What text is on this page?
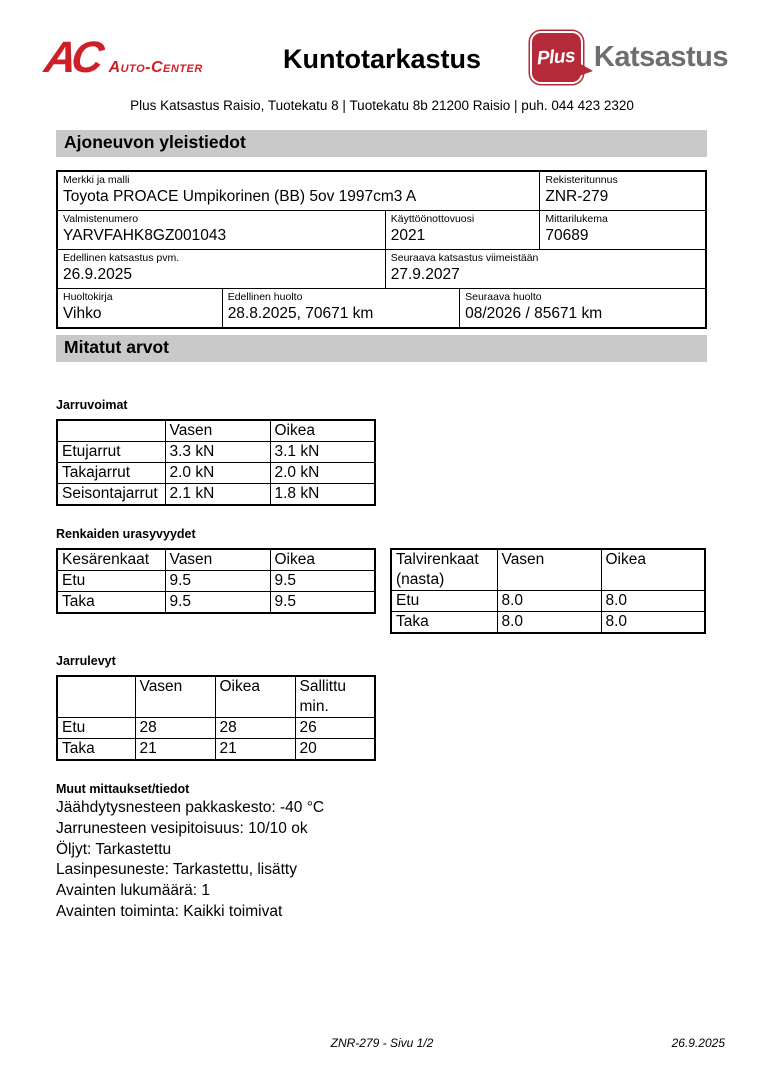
AC Auto-Center	Kuntotarkastus	Plus Katsastus
Plus Katsastus Raisio, Tuotekatu 8 | Tuotekatu 8b 21200 Raisio | puh. 044 423 2320
Ajoneuvon yleistiedot
Merkki ja malli
Toyota PROACE Umpikorinen (BB) 5ov 1997cm3 A
Rekisteritunnus
ZNR-279
Valmistenumero
YARVFAHK8GZ001043
Käyttöönottovuosi
2021
Mittarilukema
70689
Edellinen katsastus pvm.
26.9.2025
Seuraava katsastus viimeistään
27.9.2027
Huoltokirja
Vihko
Edellinen huolto
28.8.2025, 70671 km
Seuraava huolto
08/2026 / 85671 km
Mitatut arvot
Jarruvoimat
	Vasen	Oikea
Etujarrut	3.3 kN	3.1 kN
Takajarrut	2.0 kN	2.0 kN
Seisontajarrut	2.1 kN	1.8 kN
Renkaiden urasyvyydet
Kesärenkaat	Vasen	Oikea
Etu	9.5	9.5
Taka	9.5	9.5
Talvirenkaat (nasta)	Vasen	Oikea
Etu	8.0	8.0
Taka	8.0	8.0
Jarrulevyt
	Vasen	Oikea	Sallittu min.
Etu	28	28	26
Taka	21	21	20
Muut mittaukset/tiedot
Jäähdytysnesteen pakkaskesto: -40 °C
Jarrunesteen vesipitoisuus: 10/10 ok
Öljyt: Tarkastettu
Lasinpesuneste: Tarkastettu, lisätty
Avainten lukumäärä: 1
Avainten toiminta: Kaikki toimivat
ZNR-279 - Sivu 1/2	26.9.2025
